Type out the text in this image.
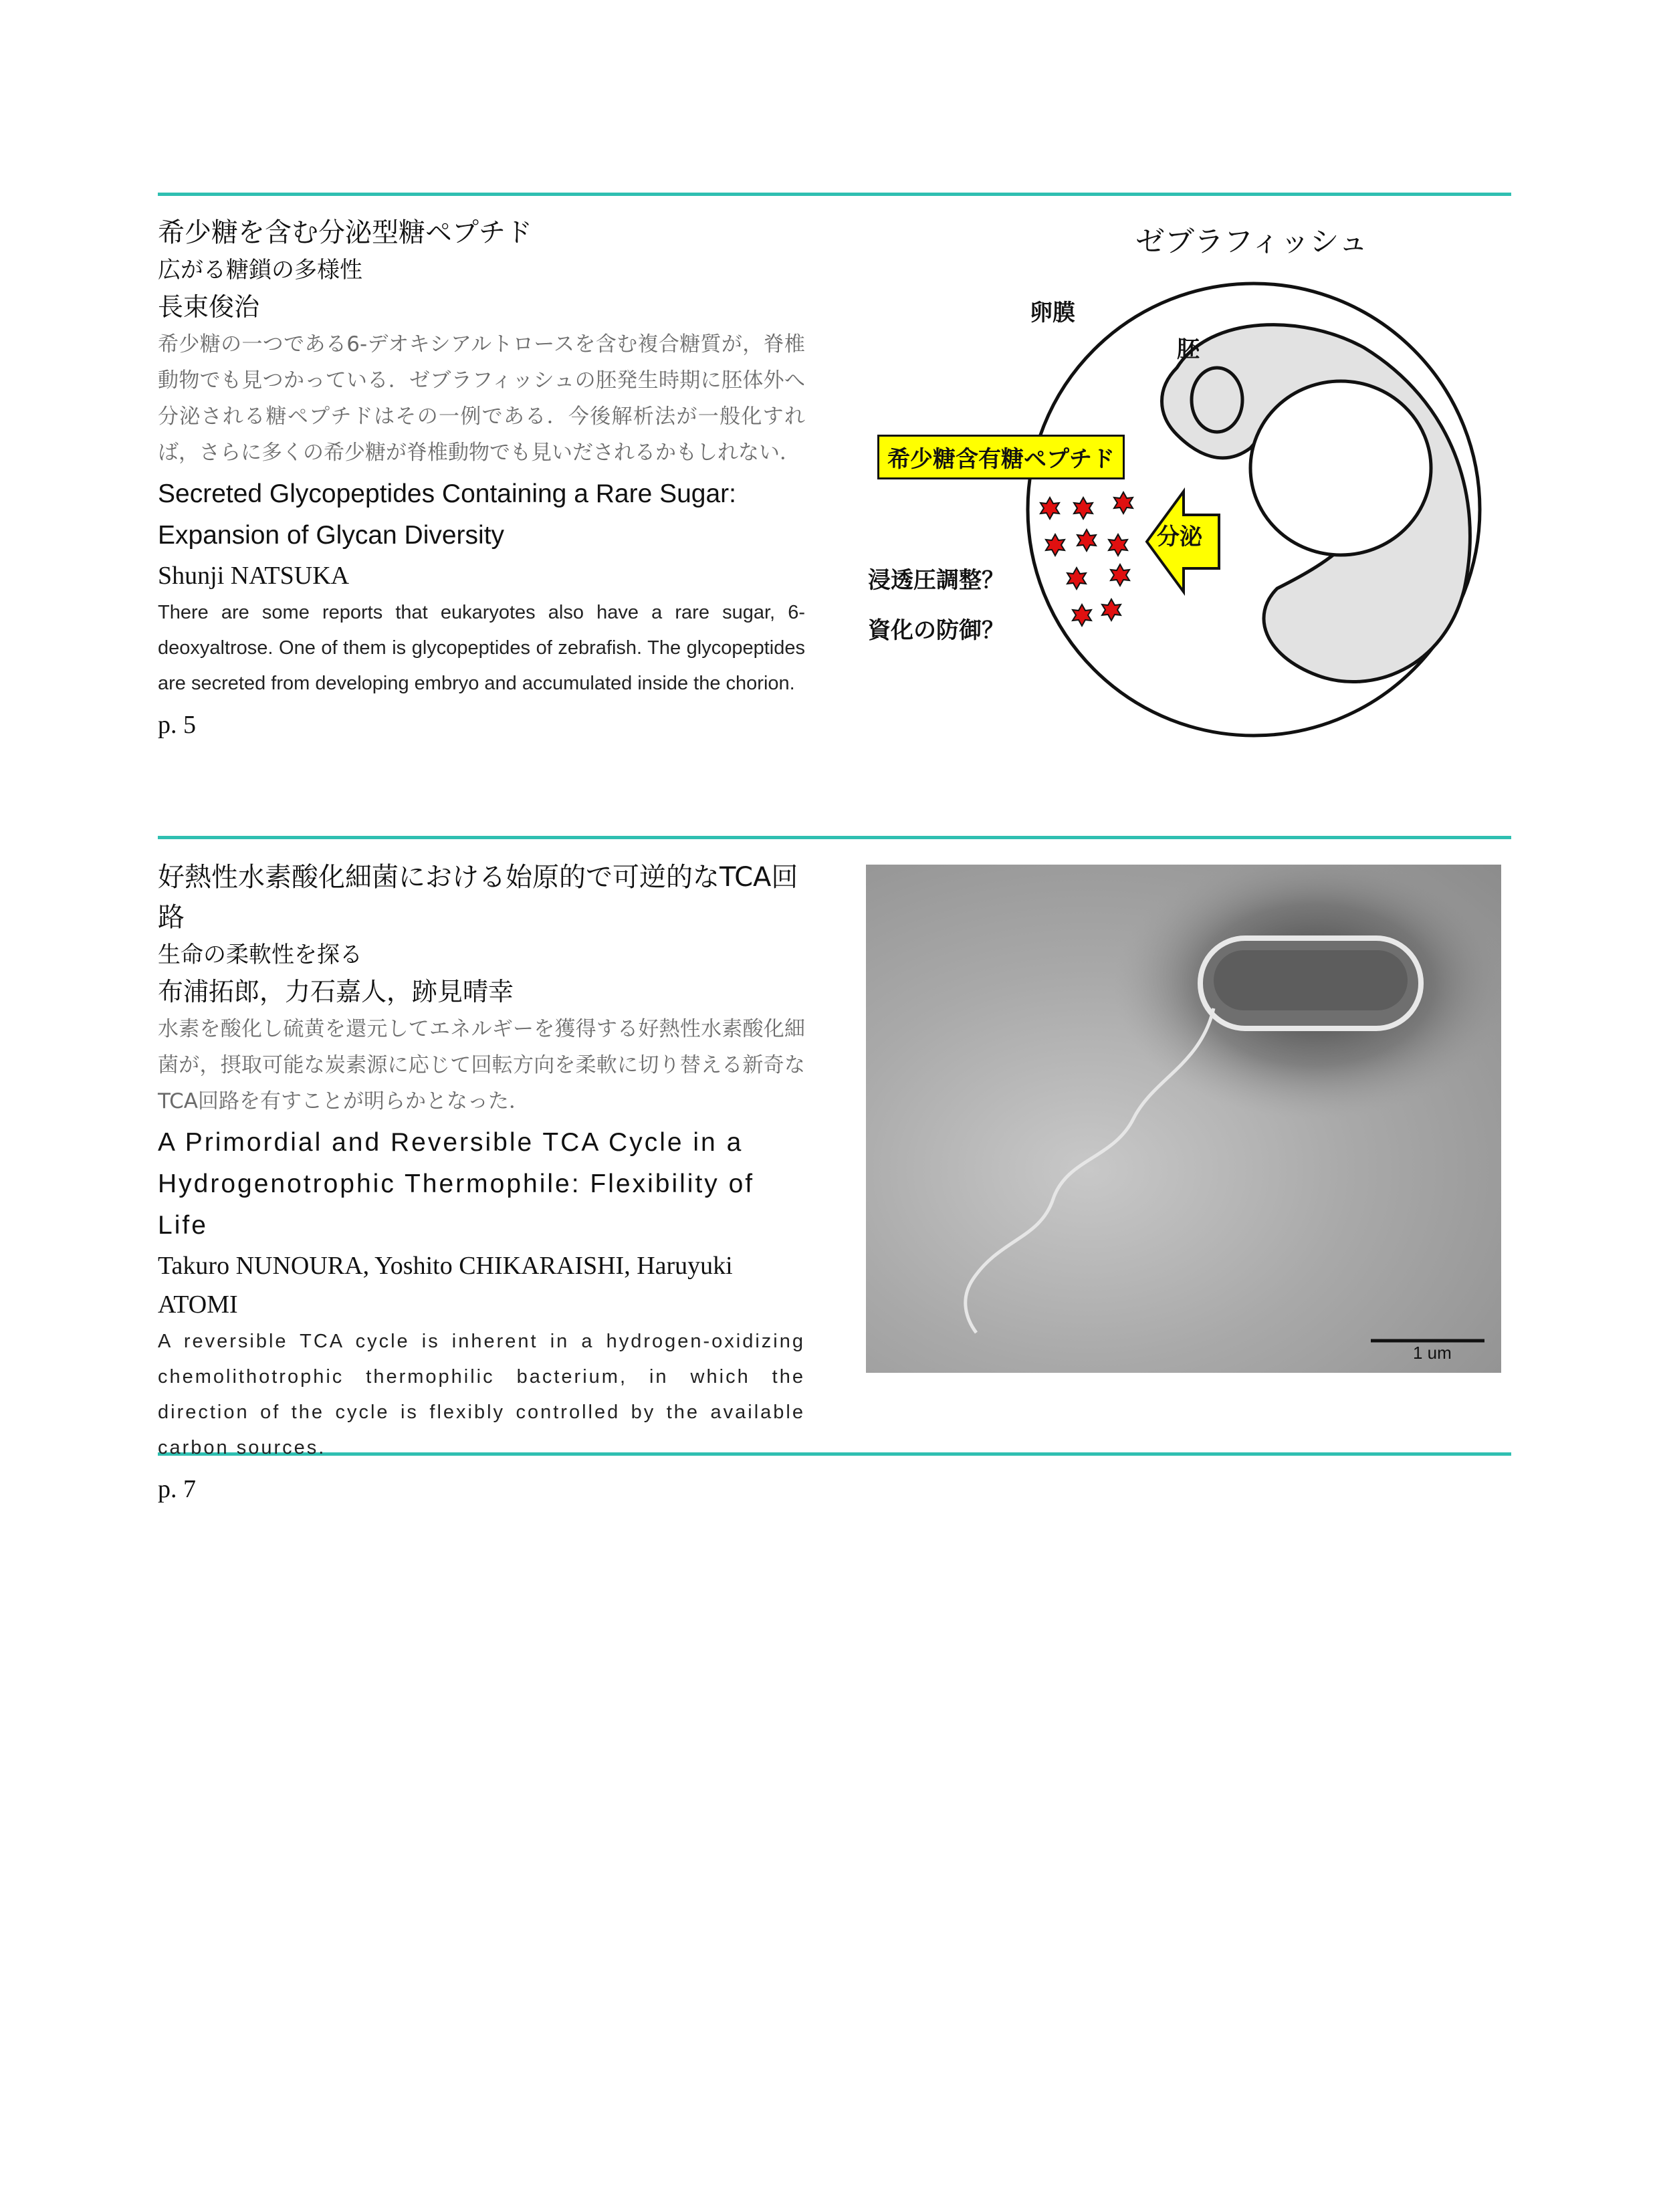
希少糖を含む分泌型糖ペプチド

広がる糖鎖の多様性

長束俊治

希少糖の一つである6-デオキシアルトロースを含む複合糖質が，脊椎動物でも見つかっている．ゼブラフィッシュの胚発生時期に胚体外へ分泌される糖ペプチドはその一例である．今後解析法が一般化すれば，さらに多くの希少糖が脊椎動物でも見いだされるかもしれない．

Secreted Glycopeptides Containing a Rare Sugar: Expansion of Glycan Diversity

Shunji NATSUKA

There are some reports that eukaryotes also have a rare sugar, 6-deoxyaltrose. One of them is glycopeptides of zebrafish. The glycopeptides are secreted from developing embryo and accumulated inside the chorion.

p. 5

ゼブラフィッシュ
卵膜
胚
希少糖含有糖ペプチド
分泌
浸透圧調整？
資化の防御？

好熱性水素酸化細菌における始原的で可逆的なTCA回路

生命の柔軟性を探る

布浦拓郎，力石嘉人，跡見晴幸

水素を酸化し硫黄を還元してエネルギーを獲得する好熱性水素酸化細菌が，摂取可能な炭素源に応じて回転方向を柔軟に切り替える新奇なTCA回路を有すことが明らかとなった．

A Primordial and Reversible TCA Cycle in a Hydrogenotrophic Thermophile: Flexibility of Life

Takuro NUNOURA, Yoshito CHIKARAISHI, Haruyuki ATOMI

A reversible TCA cycle is inherent in a hydrogen-oxidizing chemolithotrophic thermophilic bacterium, in which the direction of the cycle is flexibly controlled by the available carbon sources.

p. 7

1 um
